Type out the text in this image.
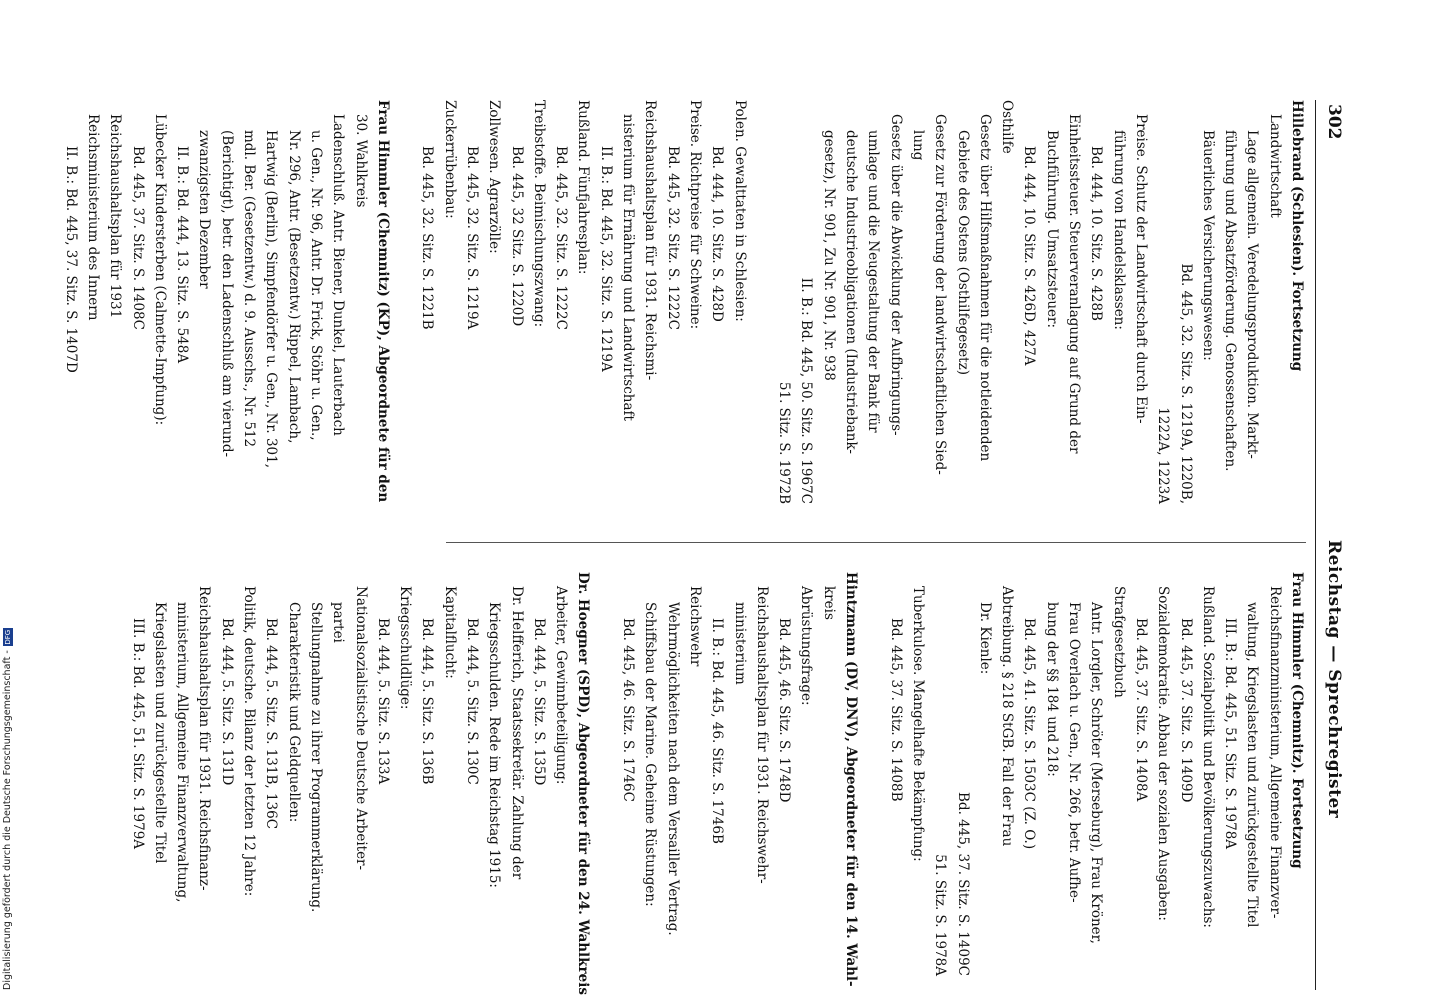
302
Reichstag — Sprechregister
Hillebrand (Schlesien). Fortsetzung
Landwirtschaft
Lage allgemein. Veredelungsproduktion. Markt-
führung und Absatzförderung. Genossenschaften.
Bäuerliches Versicherungswesen:
Bd. 445, 32. Sitz. S. 1219A, 1220B,
1222A, 1223A
Preise. Schutz der Landwirtschaft durch Ein-
führung von Handelsklassen:
Bd. 444, 10. Sitz. S. 428B
Einheitssteuer. Steuerveranlagung auf Grund der
Buchführung. Umsatzsteuer:
Bd. 444, 10. Sitz. S. 426D, 427A
Osthilfe
Gesetz über Hilfsmaßnahmen für die notleidenden
Gebiete des Ostens (Osthilfegesetz)
Gesetz zur Förderung der landwirtschaftlichen Sied-
lung
Gesetz über die Abwicklung der Aufbringungs-
umlage und die Neugestaltung der Bank für
deutsche Industrieobligationen (Industriebank-
gesetz), Nr. 901, Zu Nr. 901, Nr. 938
II. B.: Bd. 445, 50. Sitz. S. 1967C
51. Sitz. S. 1972B

Polen. Gewalttaten in Schlesien:
Bd. 444, 10. Sitz. S. 428D
Preise. Richtpreise für Schweine:
Bd. 445, 32. Sitz. S. 1222C
Reichshaushaltsplan für 1931. Reichsmi-
nisterium für Ernährung und Landwirtschaft
II. B.: Bd. 445, 32. Sitz. S. 1219A
Rußland. Fünfjahresplan:
Bd. 445, 32. Sitz. S. 1222C
Treibstoffe. Beimischungszwang:
Bd. 445, 32 Sitz. S. 1220D
Zollwesen. Agrarzölle:
Bd. 445, 32. Sitz. S. 1219A
Zuckerrübenbau:
Bd. 445, 32. Sitz. S. 1221B

Frau Himmler (Chemnitz) (KP), Abgeordnete für den
30. Wahlkreis
Ladenschluß. Antr. Biener, Dunkel, Lauterbach
u. Gen., Nr. 96, Antr. Dr. Frick, Stöhr u. Gen.,
Nr. 296, Antr. (Besetzentw.) Rippel, Lambach,
Hartwig (Berlin), Simpfendörfer u. Gen., Nr. 301,
mdl. Ber. (Gesetzentw.) d. 9. Ausschs., Nr. 512
(Berichtigt), betr. den Ladenschluß am vierund-
zwanzigsten Dezember
II. B.: Bd. 444, 13. Sitz. S. 548A
Lübecker Kindersterben (Calmette-Impfung):
Bd. 445, 37. Sitz. S. 1408C
Reichshaushaltsplan für 1931
Reichsministerium des Innern
II. B.: Bd. 445, 37. Sitz. S. 1407D
Frau Himmler (Chemnitz). Fortsetzung
Reichsfinanzministerium, Allgemeine Finanzver-
waltung, Kriegslasten und zurückgestellte Titel
III. B.: Bd. 445, 51. Sitz. S. 1978A
Rußland. Sozialpolitik und Bevölkerungszuwachs:
Bd. 445, 37. Sitz. S. 1409D
Sozialdemokratie. Abbau der sozialen Ausgaben:
Bd. 445, 37. Sitz. S. 1408A
Strafgesetzbuch
Antr. Lorgler, Schröter (Merseburg), Frau Kröner,
Frau Overlach u. Gen., Nr. 266, betr. Aufhe-
bung der §§ 184 und 218:
Bd. 445, 41. Sitz. S. 1503C (Z. O.)
Abtreibung. § 218 StGB. Fall der Frau
Dr. Kienle:
Bd. 445, 37. Sitz. S. 1409C
51. Sitz. S. 1978A
Tuberkulose. Mangelhafte Bekämpfung:
Bd. 445, 37. Sitz. S. 1408B

Hintzmann (DV, DNV), Abgeordneter für den 14. Wahl-
kreis
Abrüstungsfrage:
Bd. 445, 46. Sitz. S. 1748D
Reichshaushaltsplan für 1931. Reichswehr-
ministerium
II. B.: Bd. 445, 46. Sitz. S. 1746B
Reichswehr
Wehrmöglichkeiten nach dem Versailler Vertrag.
Schiffsbau der Marine. Geheime Rüstungen:
Bd. 445, 46. Sitz. S. 1746C

Dr. Hoegner (SPD), Abgeordneter für den 24. Wahlkreis
Arbeiter, Gewinnbeteiligung:
Bd. 444, 5. Sitz. S. 135D
Dr. Helfferich, Staatssekretär. Zahlung der
Kriegsschulden. Rede im Reichstag 1915:
Bd. 444, 5. Sitz. S. 130C
Kapitalflucht:
Bd. 444, 5. Sitz. S. 136B
Kriegsschuldlüge:
Bd. 444, 5. Sitz. S. 133A
Nationalsozialistische Deutsche Arbeiter-
partei
Stellungnahme zu ihrer Programmerklärung.
Charakteristik und Geldquellen:
Bd. 444, 5. Sitz. S. 131B, 136C
Politik, deutsche. Bilanz der letzten 12 Jahre:
Bd. 444, 5. Sitz. S. 131D
Reichshaushaltsplan für 1931. Reichsfinanz-
ministerium, Allgemeine Finanzverwaltung,
Kriegslasten und zurückgestellte Titel
III. B.: Bd. 445, 51. Sitz. S. 1979A
Digitalisierung gefördert durch die Deutsche Forschungsgemeinschaft -DFG
